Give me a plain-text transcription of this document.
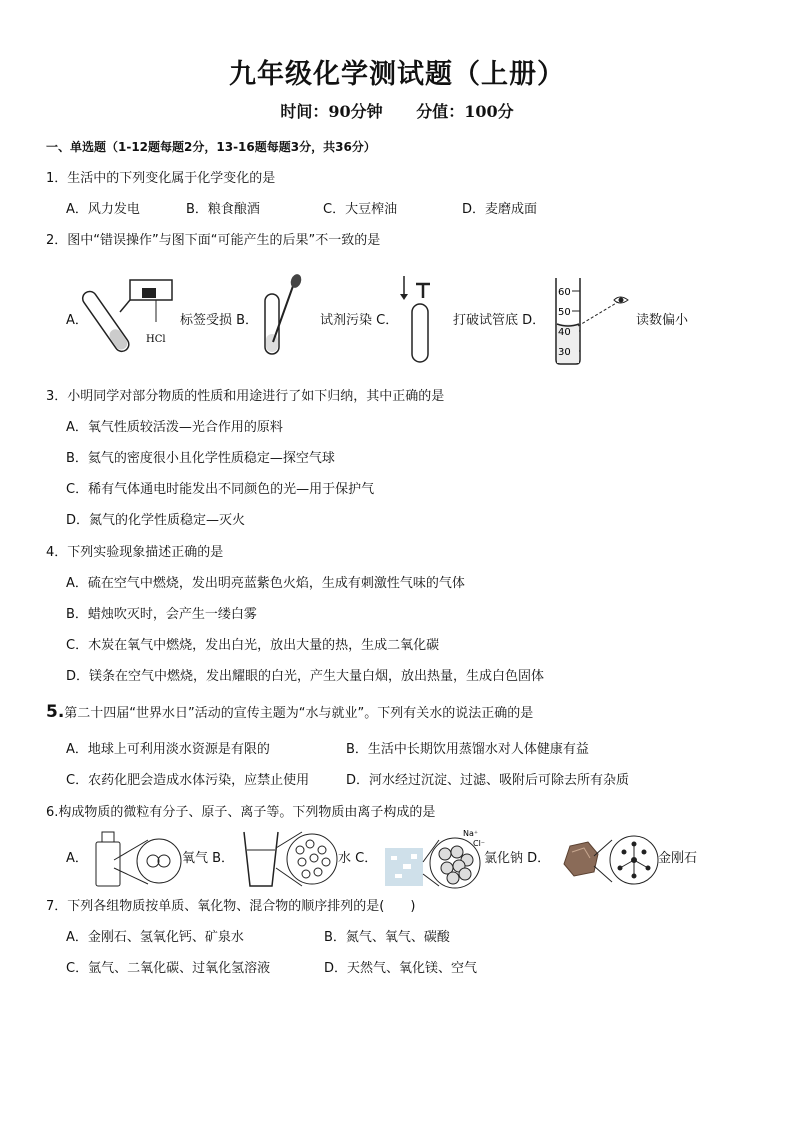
九年级化学测试题（上册）
时间：90分钟 分值：100分
一、单选题（1-12题每题2分，13-16题每题3分，共36分）
1．生活中的下列变化属于化学变化的是
A．风力发电	B．粮食酿酒	C．大豆榨油	D．麦磨成面
2．图中“错误操作”与图下面“可能产生的后果”不一致的是
A．
HCl
标签受损 B．	试剂污染 C．	打破试管底 D．
60
50
40
30
读数偏小
3．小明同学对部分物质的性质和用途进行了如下归纳，其中正确的是
A．氧气性质较活泼—光合作用的原料
B．氦气的密度很小且化学性质稳定—探空气球
C．稀有气体通电时能发出不同颜色的光—用于保护气
D．氮气的化学性质稳定—灭火
4．下列实验现象描述正确的是
A．硫在空气中燃烧，发出明亮蓝紫色火焰，生成有刺激性气味的气体
B．蜡烛吹灭时，会产生一缕白雾
C．木炭在氧气中燃烧，发出白光，放出大量的热，生成二氧化碳
D．镁条在空气中燃烧，发出耀眼的白光，产生大量白烟，放出热量，生成白色固体
5.第二十四届“世界水日”活动的宣传主题为“水与就业”。下列有关水的说法正确的是
A．地球上可利用淡水资源是有限的	B．生活中长期饮用蒸馏水对人体健康有益
C．农药化肥会造成水体污染，应禁止使用	D．河水经过沉淀、过滤、吸附后可除去所有杂质
6.构成物质的微粒有分子、原子、离子等。下列物质由离子构成的是
A．	氧气 B．	水 C．
Na⁺
Cl⁻
氯化钠 D．	金刚石
7．下列各组物质按单质、氧化物、混合物的顺序排列的是(　　)
A．金刚石、氢氧化钙、矿泉水	B．氮气、氧气、碳酸
C．氩气、二氧化碳、过氧化氢溶液	D．天然气、氧化镁、空气
